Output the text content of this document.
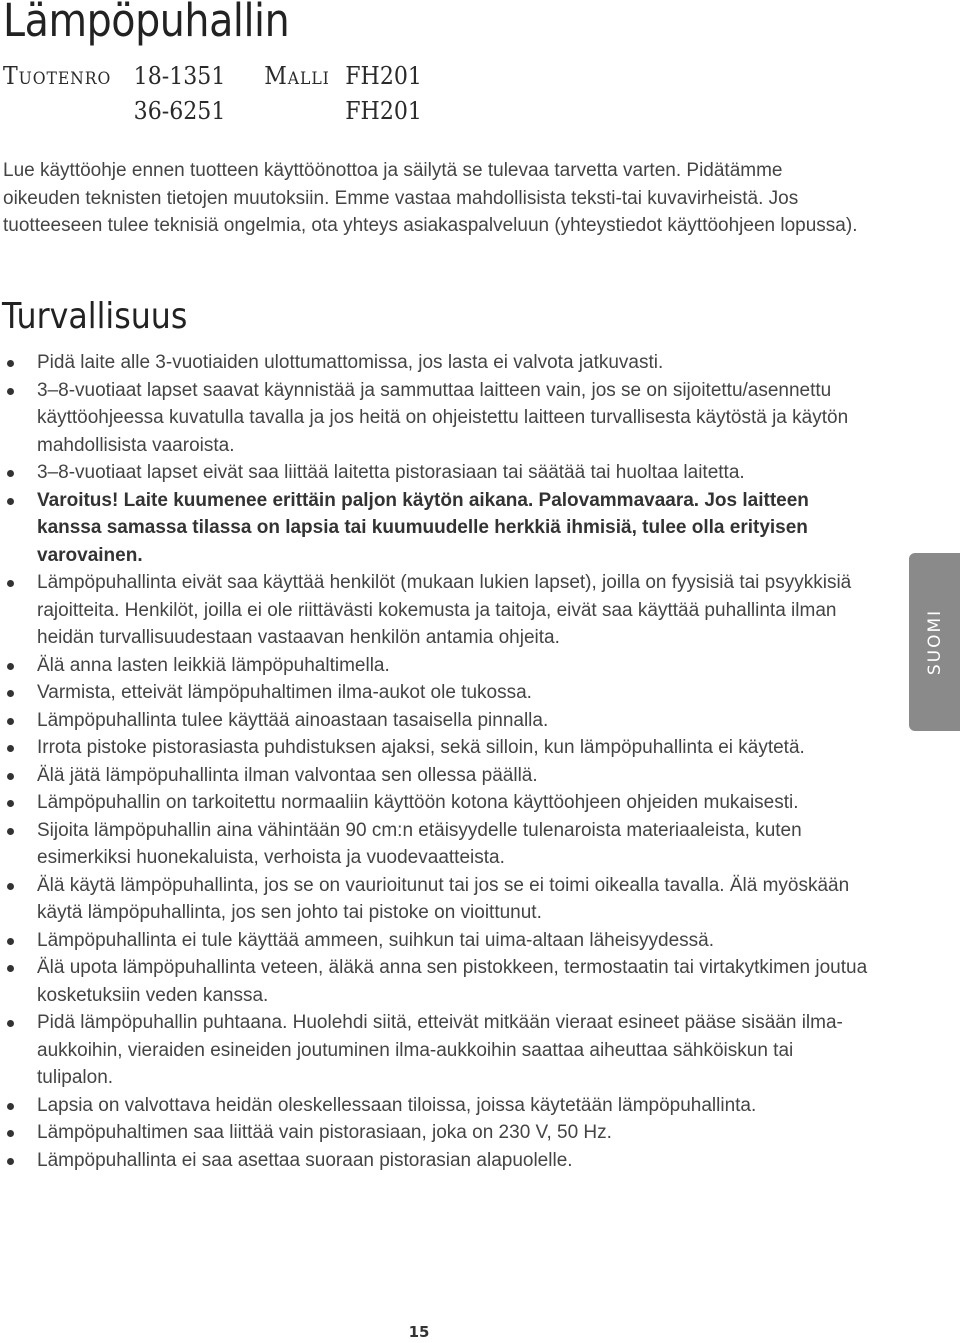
Lämpöpuhallin
Tuotenro 18-1351	Malli FH201
36-6251	FH201

Lue käyttöohje ennen tuotteen käyttöönottoa ja säilytä se tulevaa tarvetta varten. Pidätämme oikeuden teknisten tietojen muutoksiin. Emme vastaa mahdollisista teksti-tai kuvavirheistä. Jos tuotteeseen tulee teknisiä ongelmia, ota yhteys asiakaspalveluun (yhteystiedot käyttöohjeen lopussa).

Turvallisuus
Pidä laite alle 3-vuotiaiden ulottumattomissa, jos lasta ei valvota jatkuvasti.
3–8-vuotiaat lapset saavat käynnistää ja sammuttaa laitteen vain, jos se on sijoitettu/asennettu käyttöohjeessa kuvatulla tavalla ja jos heitä on ohjeistettu laitteen turvallisesta käytöstä ja käytön mahdollisista vaaroista.
3–8-vuotiaat lapset eivät saa liittää laitetta pistorasiaan tai säätää tai huoltaa laitetta.
Varoitus! Laite kuumenee erittäin paljon käytön aikana. Palovammavaara. Jos laitteen kanssa samassa tilassa on lapsia tai kuumuudelle herkkiä ihmisiä, tulee olla erityisen varovainen.
Lämpöpuhallinta eivät saa käyttää henkilöt (mukaan lukien lapset), joilla on fyysisiä tai psyykkisiä rajoitteita. Henkilöt, joilla ei ole riittävästi kokemusta ja taitoja, eivät saa käyttää puhallinta ilman heidän turvallisuudestaan vastaavan henkilön antamia ohjeita.
Älä anna lasten leikkiä lämpöpuhaltimella.
Varmista, etteivät lämpöpuhaltimen ilma-aukot ole tukossa.
Lämpöpuhallinta tulee käyttää ainoastaan tasaisella pinnalla.
Irrota pistoke pistorasiasta puhdistuksen ajaksi, sekä silloin, kun lämpöpuhallinta ei käytetä.
Älä jätä lämpöpuhallinta ilman valvontaa sen ollessa päällä.
Lämpöpuhallin on tarkoitettu normaaliin käyttöön kotona käyttöohjeen ohjeiden mukaisesti.
Sijoita lämpöpuhallin aina vähintään 90 cm:n etäisyydelle tulenaroista materiaaleista, kuten esimerkiksi huonekaluista, verhoista ja vuodevaatteista.
Älä käytä lämpöpuhallinta, jos se on vaurioitunut tai jos se ei toimi oikealla tavalla. Älä myöskään käytä lämpöpuhallinta, jos sen johto tai pistoke on vioittunut.
Lämpöpuhallinta ei tule käyttää ammeen, suihkun tai uima-altaan läheisyydessä.
Älä upota lämpöpuhallinta veteen, äläkä anna sen pistokkeen, termostaatin tai virtakytkimen joutua kosketuksiin veden kanssa.
Pidä lämpöpuhallin puhtaana. Huolehdi siitä, etteivät mitkään vieraat esineet pääse sisään ilma-aukkoihin, vieraiden esineiden joutuminen ilma-aukkoihin saattaa aiheuttaa sähköiskun tai tulipalon.
Lapsia on valvottava heidän oleskellessaan tiloissa, joissa käytetään lämpöpuhallinta.
Lämpöpuhaltimen saa liittää vain pistorasiaan, joka on 230 V, 50 Hz.
Lämpöpuhallinta ei saa asettaa suoraan pistorasian alapuolelle.
SUOMI
15
